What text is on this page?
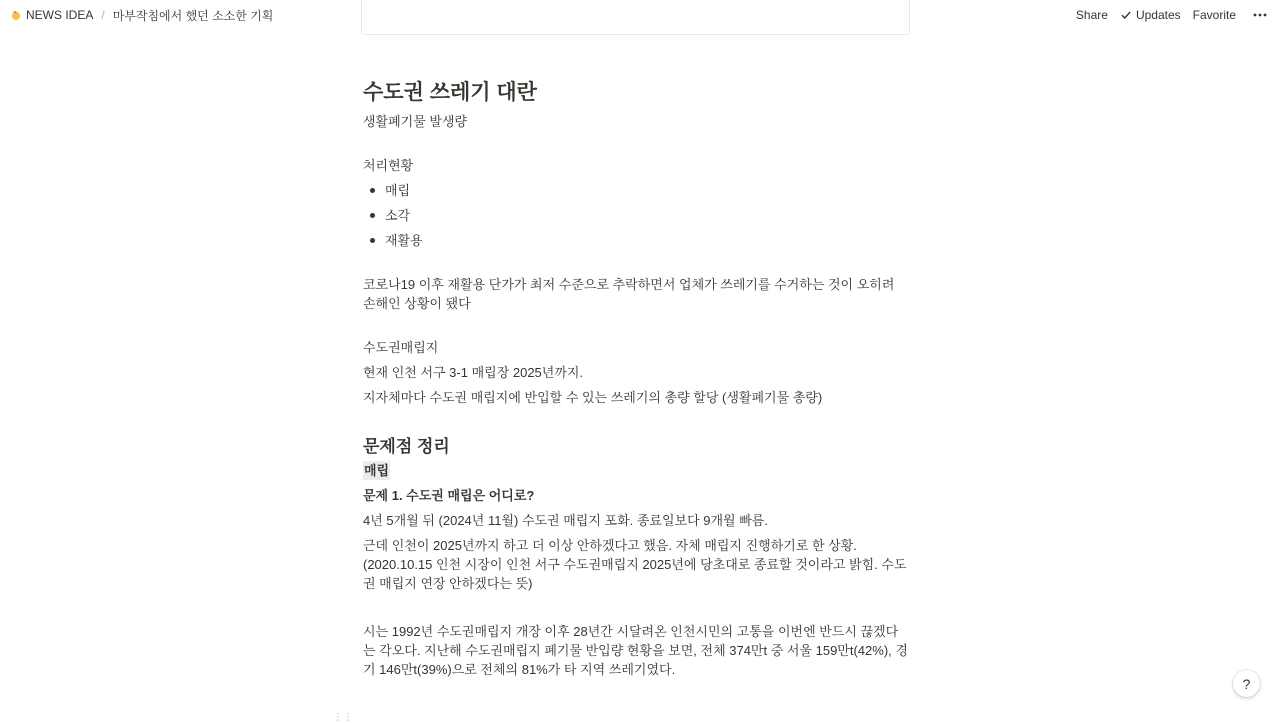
NEWS IDEA / 마부작침에서 했던 소소한 기획	Share Updates Favorite
수도권 쓰레기 대란
생활폐기물 발생량
처리현황
매립
소각
재활용
코로나19 이후 재활용 단가가 최저 수준으로 추락하면서 업체가 쓰레기를 수거하는 것이 오히려 손해인 상황이 됐다
수도권매립지
현재 인천 서구 3-1 매립장 2025년까지.
지자체마다 수도권 매립지에 반입할 수 있는 쓰레기의 총량 할당 (생활폐기물 총량)
문제점 정리
매립
문제 1. 수도권 매립은 어디로?
4년 5개월 뒤 (2024년 11월) 수도권 매립지 포화. 종료일보다 9개월 빠름.
근데 인천이 2025년까지 하고 더 이상 안하겠다고 했음. 자체 매립지 진행하기로 한 상황.
(2020.10.15 인천 시장이 인천 서구 수도권매립지 2025년에 당초대로 종료할 것이라고 밝힘. 수도권 매립지 연장 안하겠다는 뜻)
시는 1992년 수도권매립지 개장 이후 28년간 시달려온 인천시민의 고통을 이번엔 반드시 끊겠다는 각오다. 지난해 수도권매립지 폐기물 반입량 현황을 보면, 전체 374만t 중 서울 159만t(42%), 경기 146만t(39%)으로 전체의 81%가 타 지역 쓰레기였다.
⋮⋮
?
